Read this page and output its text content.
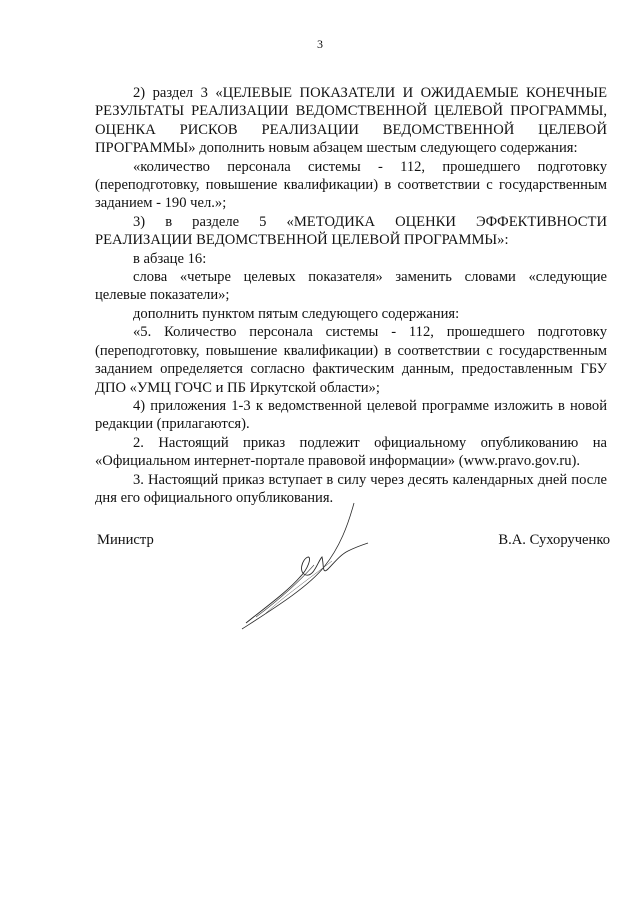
3

2) раздел 3 «ЦЕЛЕВЫЕ ПОКАЗАТЕЛИ И ОЖИДАЕМЫЕ КОНЕЧНЫЕ РЕЗУЛЬТАТЫ РЕАЛИЗАЦИИ ВЕДОМСТВЕННОЙ ЦЕЛЕВОЙ ПРОГРАММЫ, ОЦЕНКА РИСКОВ РЕАЛИЗАЦИИ ВЕДОМСТВЕННОЙ ЦЕЛЕВОЙ ПРОГРАММЫ» дополнить новым абзацем шестым следующего содержания:

«количество персонала системы - 112, прошедшего подготовку (переподготовку, повышение квалификации) в соответствии с государственным заданием - 190 чел.»;

3) в разделе 5 «МЕТОДИКА ОЦЕНКИ ЭФФЕКТИВНОСТИ РЕАЛИЗАЦИИ ВЕДОМСТВЕННОЙ ЦЕЛЕВОЙ ПРОГРАММЫ»:

в абзаце 16:

слова «четыре целевых показателя» заменить словами «следующие целевые показатели»;

дополнить пунктом пятым следующего содержания:

«5. Количество персонала системы - 112, прошедшего подготовку (переподготовку, повышение квалификации) в соответствии с государственным заданием определяется согласно фактическим данным, предоставленным ГБУ ДПО «УМЦ ГОЧС и ПБ Иркутской области»;

4) приложения 1-3 к ведомственной целевой программе изложить в новой редакции (прилагаются).

2. Настоящий приказ подлежит официальному опубликованию на «Официальном интернет-портале правовой информации» (www.pravo.gov.ru).

3. Настоящий приказ вступает в силу через десять календарных дней после дня его официального опубликования.

Министр	В.А. Сухорученко
